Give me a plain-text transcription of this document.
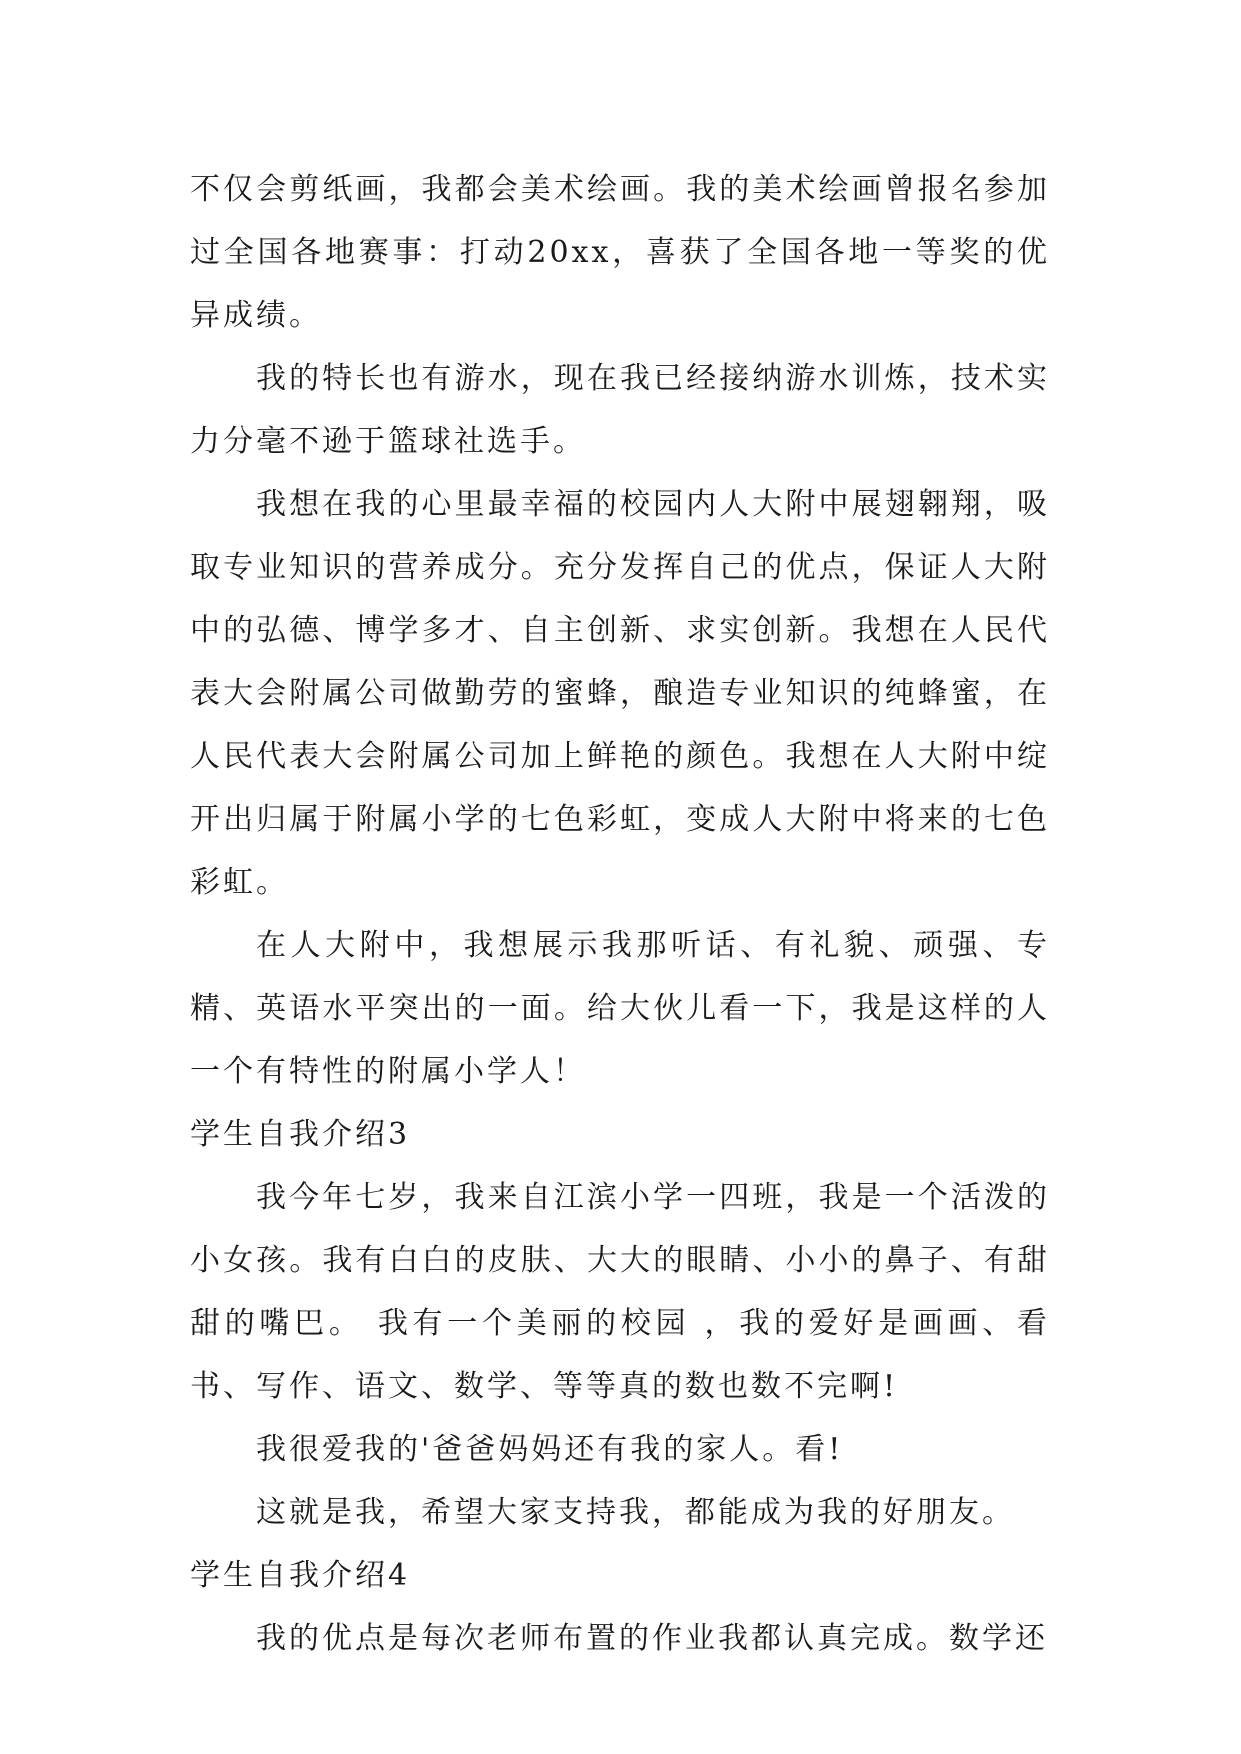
不仅会剪纸画，我都会美术绘画。我的美术绘画曾报名参加过全国各地赛事：打动20xx，喜获了全国各地一等奖的优异成绩。

我的特长也有游水，现在我已经接纳游水训炼，技术实力分毫不逊于篮球社选手。

我想在我的心里最幸福的校园内人大附中展翅翱翔，吸取专业知识的营养成分。充分发挥自己的优点，保证人大附中的弘德、博学多才、自主创新、求实创新。我想在人民代表大会附属公司做勤劳的蜜蜂，酿造专业知识的纯蜂蜜，在人民代表大会附属公司加上鲜艳的颜色。我想在人大附中绽开出归属于附属小学的七色彩虹，变成人大附中将来的七色彩虹。

在人大附中，我想展示我那听话、有礼貌、顽强、专精、英语水平突出的一面。给大伙儿看一下，我是这样的人一个有特性的附属小学人！

学生自我介绍3

我今年七岁，我来自江滨小学一四班，我是一个活泼的小女孩。我有白白的皮肤、大大的眼睛、小小的鼻子、有甜甜的嘴巴。 我有一个美丽的校园 ，我的爱好是画画、看书、写作、语文、数学、等等真的数也数不完啊!

我很爱我的'爸爸妈妈还有我的家人。看!

这就是我，希望大家支持我，都能成为我的好朋友。

学生自我介绍4

我的优点是每次老师布置的作业我都认真完成。数学还
